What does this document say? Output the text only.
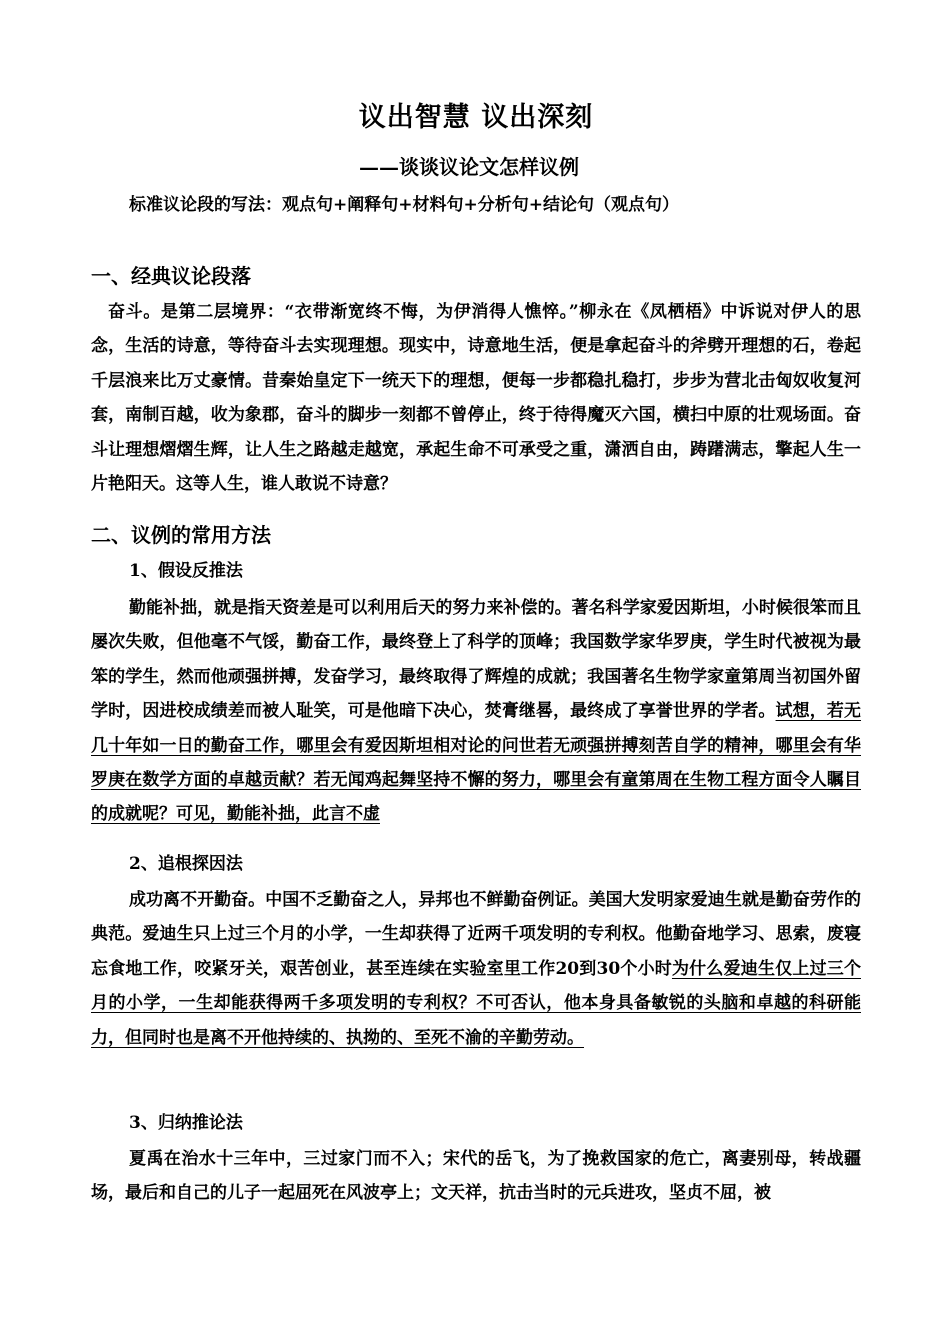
议出智慧 议出深刻
——谈谈议论文怎样议例
标准议论段的写法：观点句+阐释句+材料句+分析句+结论句（观点句）
一、经典议论段落
奋斗。是第二层境界：“衣带渐宽终不悔，为伊消得人憔悴。”柳永在《凤栖梧》中诉说对伊人的思念，生活的诗意，等待奋斗去实现理想。现实中，诗意地生活，便是拿起奋斗的斧劈开理想的石，卷起千层浪来比万丈豪情。昔秦始皇定下一统天下的理想，便每一步都稳扎稳打，步步为营北击匈奴收复河套，南制百越，收为象郡，奋斗的脚步一刻都不曾停止，终于待得魔灭六国，横扫中原的壮观场面。奋斗让理想熠熠生辉，让人生之路越走越宽，承起生命不可承受之重，潇洒自由，踌躇满志，擎起人生一片艳阳天。这等人生，谁人敢说不诗意？
二、议例的常用方法
1、假设反推法
勤能补拙，就是指天资差是可以利用后天的努力来补偿的。著名科学家爱因斯坦，小时候很笨而且屡次失败，但他毫不气馁，勤奋工作，最终登上了科学的顶峰；我国数学家华罗庚，学生时代被视为最笨的学生，然而他顽强拼搏，发奋学习，最终取得了辉煌的成就；我国著名生物学家童第周当初国外留学时，因进校成绩差而被人耻笑，可是他暗下决心，焚膏继晷，最终成了享誉世界的学者。试想，若无几十年如一日的勤奋工作，哪里会有爱因斯坦相对论的问世若无顽强拼搏刻苦自学的精神，哪里会有华罗庚在数学方面的卓越贡献？若无闻鸡起舞坚持不懈的努力，哪里会有童第周在生物工程方面令人瞩目的成就呢？可见，勤能补拙，此言不虚
2、追根探因法
成功离不开勤奋。中国不乏勤奋之人，异邦也不鲜勤奋例证。美国大发明家爱迪生就是勤奋劳作的典范。爱迪生只上过三个月的小学，一生却获得了近两千项发明的专利权。他勤奋地学习、思索，废寝忘食地工作，咬紧牙关，艰苦创业，甚至连续在实验室里工作20到30个小时为什么爱迪生仅上过三个月的小学，一生却能获得两千多项发明的专利权？不可否认，他本身具备敏锐的头脑和卓越的科研能力，但同时也是离不开他持续的、执拗的、至死不渝的辛勤劳动。
3、归纳推论法
夏禹在治水十三年中，三过家门而不入；宋代的岳飞，为了挽救国家的危亡，离妻别母，转战疆场，最后和自己的儿子一起屈死在风波亭上；文天祥，抗击当时的元兵进攻，坚贞不屈，被
